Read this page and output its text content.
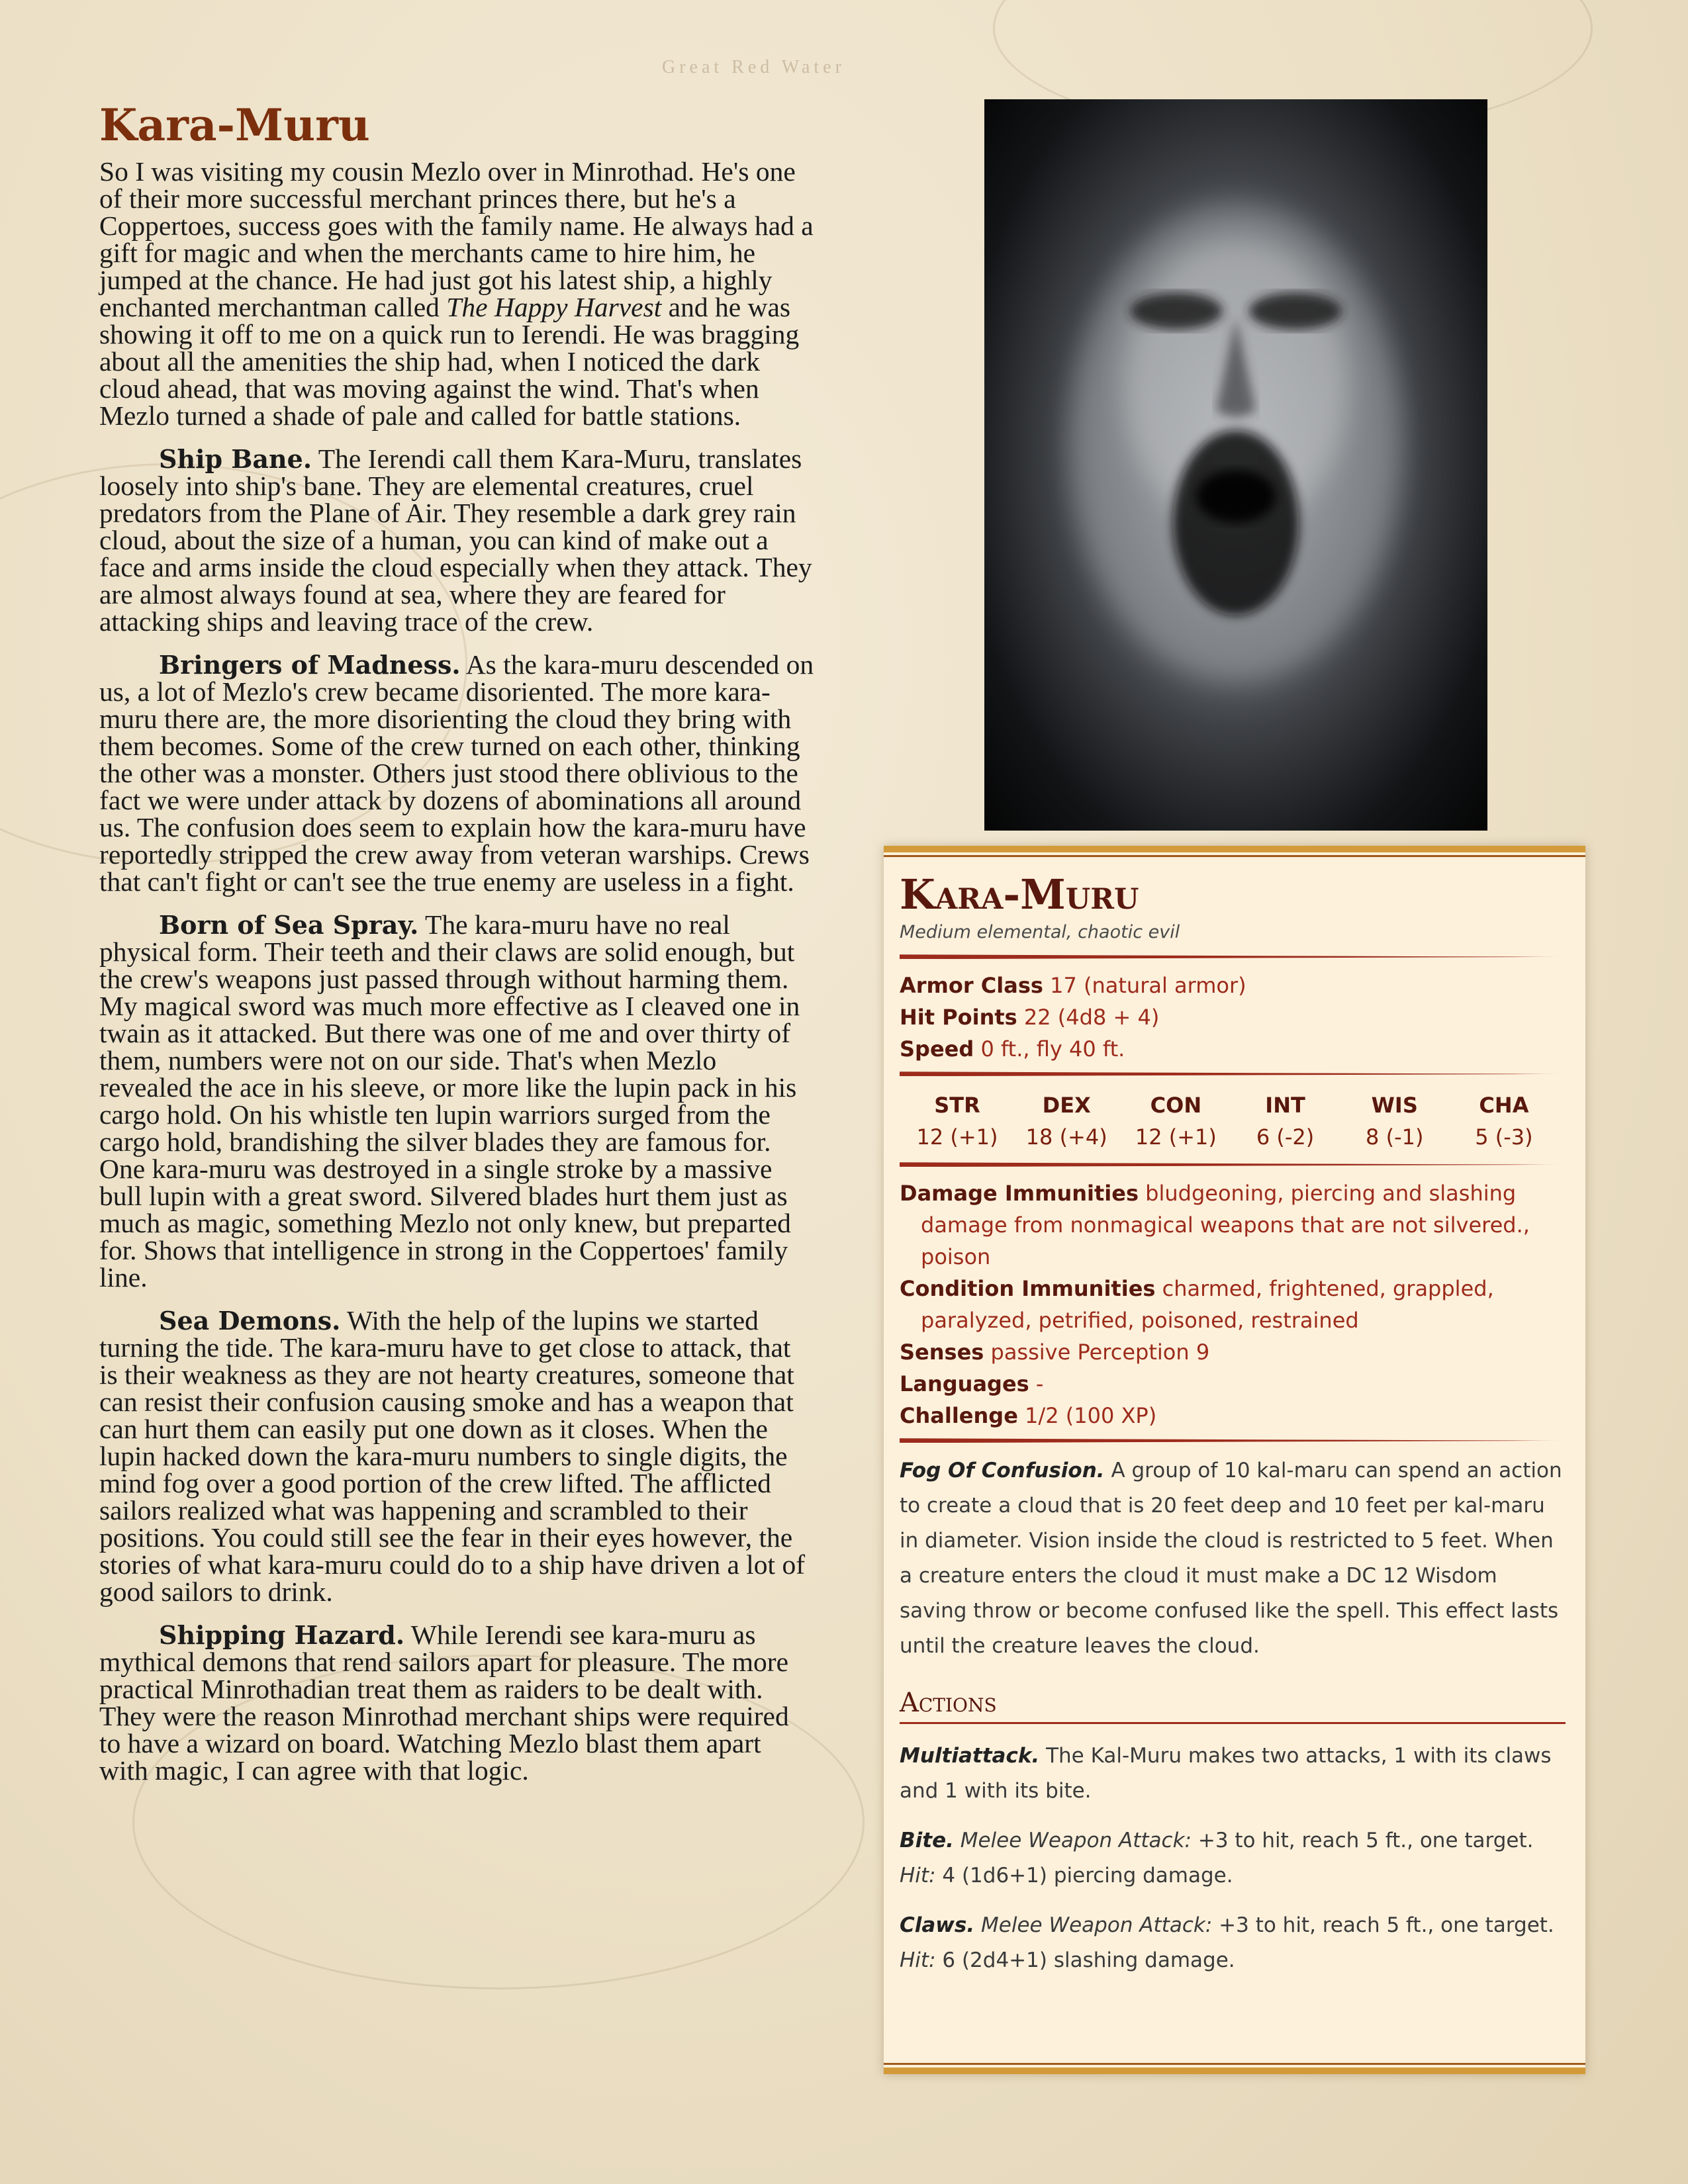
Great Red Water
Kara-Muru

So I was visiting my cousin Mezlo over in Minrothad. He's one of their more successful merchant princes there, but he's a Coppertoes, success goes with the family name. He always had a gift for magic and when the merchants came to hire him, he jumped at the chance. He had just got his latest ship, a highly enchanted merchantman called The Happy Harvest and he was showing it off to me on a quick run to Ierendi. He was bragging about all the amenities the ship had, when I noticed the dark cloud ahead, that was moving against the wind. That's when Mezlo turned a shade of pale and called for battle stations.

Ship Bane. The Ierendi call them Kara-Muru, translates loosely into ship's bane. They are elemental creatures, cruel predators from the Plane of Air. They resemble a dark grey rain cloud, about the size of a human, you can kind of make out a face and arms inside the cloud especially when they attack. They are almost always found at sea, where they are feared for attacking ships and leaving trace of the crew.

Bringers of Madness. As the kara-muru descended on us, a lot of Mezlo's crew became disoriented. The more kara-muru there are, the more disorienting the cloud they bring with them becomes. Some of the crew turned on each other, thinking the other was a monster. Others just stood there oblivious to the fact we were under attack by dozens of abominations all around us. The confusion does seem to explain how the kara-muru have reportedly stripped the crew away from veteran warships. Crews that can't fight or can't see the true enemy are useless in a fight.

Born of Sea Spray. The kara-muru have no real physical form. Their teeth and their claws are solid enough, but the crew's weapons just passed through without harming them. My magical sword was much more effective as I cleaved one in twain as it attacked. But there was one of me and over thirty of them, numbers were not on our side. That's when Mezlo revealed the ace in his sleeve, or more like the lupin pack in his cargo hold. On his whistle ten lupin warriors surged from the cargo hold, brandishing the silver blades they are famous for. One kara-muru was destroyed in a single stroke by a massive bull lupin with a great sword. Silvered blades hurt them just as much as magic, something Mezlo not only knew, but preparted for. Shows that intelligence in strong in the Coppertoes' family line.

Sea Demons. With the help of the lupins we started turning the tide. The kara-muru have to get close to attack, that is their weakness as they are not hearty creatures, someone that can resist their confusion causing smoke and has a weapon that can hurt them can easily put one down as it closes. When the lupin hacked down the kara-muru numbers to single digits, the mind fog over a good portion of the crew lifted. The afflicted sailors realized what was happening and scrambled to their positions. You could still see the fear in their eyes however, the stories of what kara-muru could do to a ship have driven a lot of good sailors to drink.

Shipping Hazard. While Ierendi see kara-muru as mythical demons that rend sailors apart for pleasure. The more practical Minrothadian treat them as raiders to be dealt with. They were the reason Minrothad merchant ships were required to have a wizard on board. Watching Mezlo blast them apart with magic, I can agree with that logic.

Kara-Muru
Medium elemental, chaotic evil
Armor Class 17 (natural armor)
Hit Points 22 (4d8 + 4)
Speed 0 ft., fly 40 ft.
STR
12 (+1)
DEX
18 (+4)
CON
12 (+1)
INT
6 (-2)
WIS
8 (-1)
CHA
5 (-3)
Damage Immunities bludgeoning, piercing and slashing damage from nonmagical weapons that are not silvered., poison
Condition Immunities charmed, frightened, grappled, paralyzed, petrified, poisoned, restrained
Senses passive Perception 9
Languages -
Challenge 1/2 (100 XP)

Fog Of Confusion. A group of 10 kal-maru can spend an action to create a cloud that is 20 feet deep and 10 feet per kal-maru in diameter. Vision inside the cloud is restricted to 5 feet. When a creature enters the cloud it must make a DC 12 Wisdom saving throw or become confused like the spell. This effect lasts until the creature leaves the cloud.

Actions

Multiattack. The Kal-Muru makes two attacks, 1 with its claws and 1 with its bite.

Bite. Melee Weapon Attack: +3 to hit, reach 5 ft., one target. Hit: 4 (1d6+1) piercing damage.

Claws. Melee Weapon Attack: +3 to hit, reach 5 ft., one target. Hit: 6 (2d4+1) slashing damage.
